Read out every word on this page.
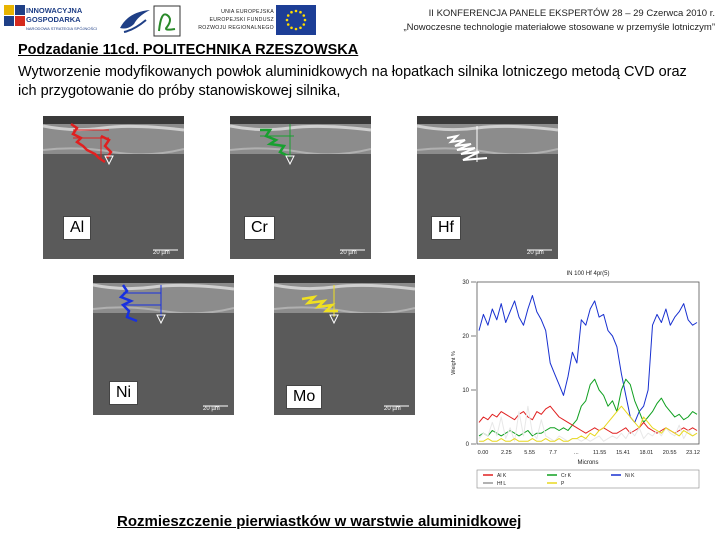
INNOWACYJNA
GOSPODARKA
NARODOWA STRATEGIA SPÓJNOŚCI
UNIA EUROPEJSKA
EUROPEJSKI FUNDUSZ
ROZWOJU REGIONALNEGO
II KONFERENCJA PANELE EKSPERTÓW 28 – 29 Czerwca 2010 r.
„Nowoczesne technologie materiałowe stosowane w przemyśle lotniczym”
Podzadanie 11cd. POLITECHNIKA RZESZOWSKA
Wytworzenie modyfikowanych powłok aluminidkowych na łopatkach silnika lotniczego metodą CVD oraz ich przygotowanie do próby stanowiskowej silnika,
Al
20 µm
Cr
20 µm
Hf
20 µm
Ni
20 µm
Mo
20 µm
IN 100 Hf 4pr(5)
0
10
20
30
Weight %
0.00 2.25 5.55	7.7	...	11.55 15.41 18.01 20.55 23.12
Microns
Al K	Cr K	Ni K
Hf L	P
Rozmieszczenie pierwiastków w warstwie aluminidkowej
